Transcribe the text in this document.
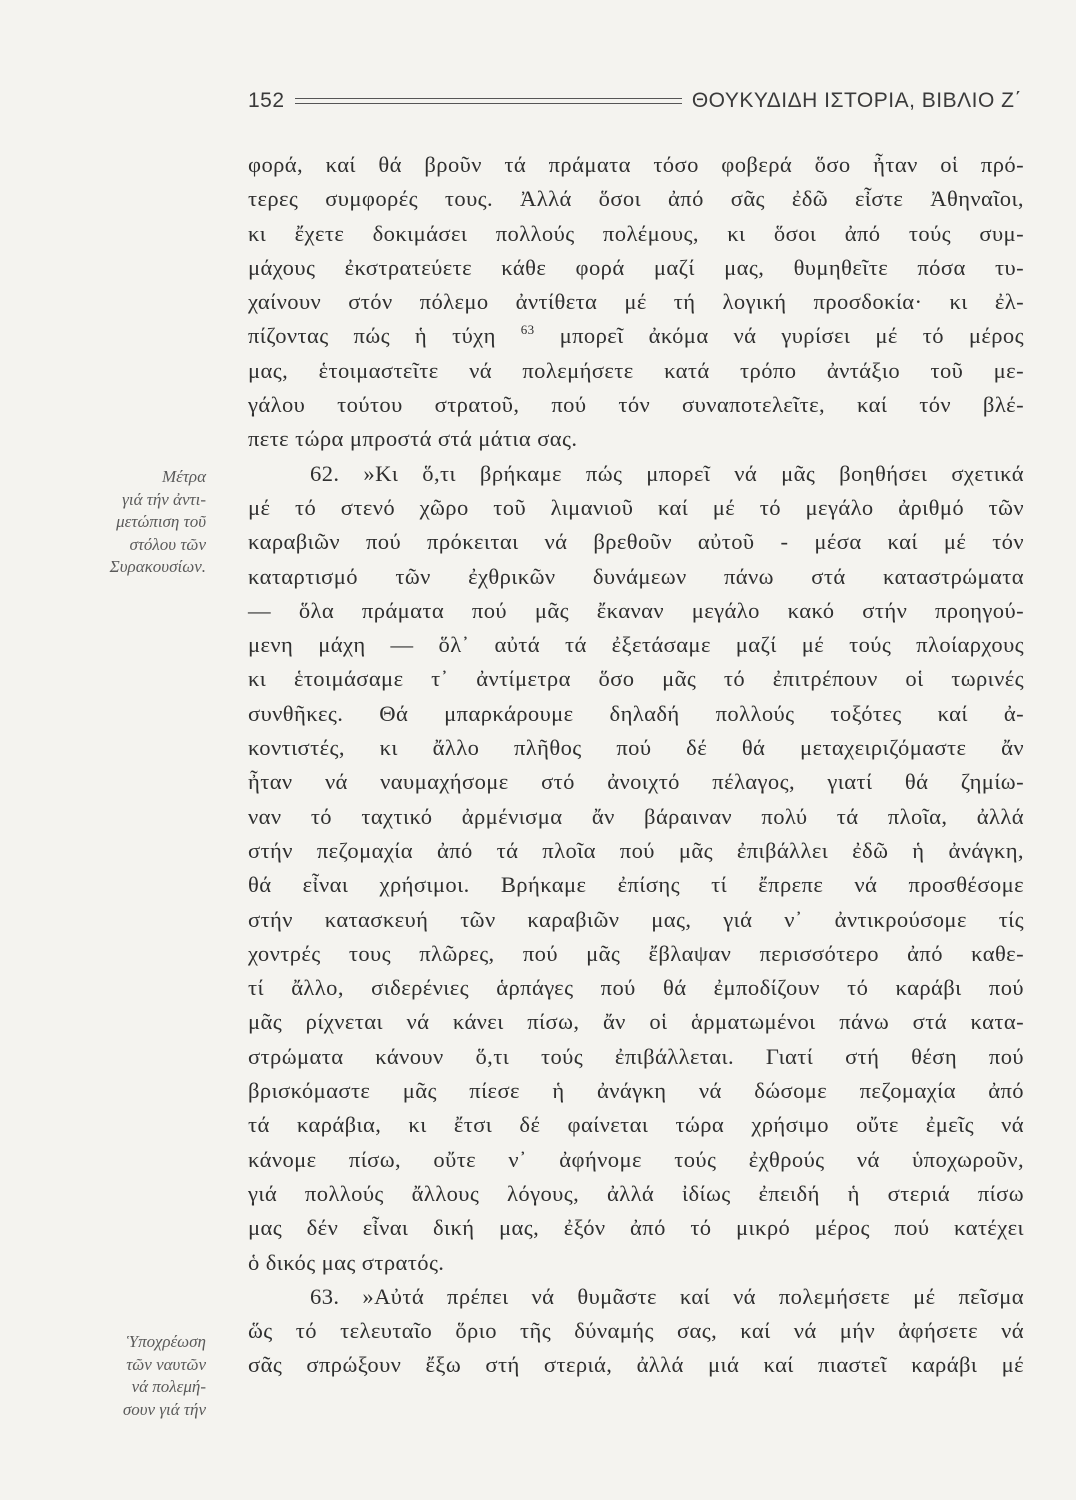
152	ΘΟΥΚΥΔΙΔΗ ΙΣΤΟΡΙΑ, ΒΙΒΛΙΟ Ζ΄
Μέτρα
γιά τήν ἀντι-
μετώπιση τοῦ
στόλου τῶν
Συρακουσίων.
Ὑποχρέωση
τῶν ναυτῶν
νά πολεμή-
σουν γιά τήν
φορά, καί θά βροῦν τά πράματα τόσο φοβερά ὅσο ἦταν οἱ πρό-
τερες συμφορές τους. Ἀλλά ὅσοι ἀπό σᾶς ἐδῶ εἶστε Ἀθηναῖοι,
κι ἔχετε δοκιμάσει πολλούς πολέμους, κι ὅσοι ἀπό τούς συμ-
μάχους ἐκστρατεύετε κάθε φορά μαζί μας, θυμηθεῖτε πόσα τυ-
χαίνουν στόν πόλεμο ἀντίθετα μέ τή λογική προσδοκία· κι ἐλ-
πίζοντας πώς ἡ τύχη $^{63}$ μπορεῖ ἀκόμα νά γυρίσει μέ τό μέρος
μας, ἑτοιμαστεῖτε νά πολεμήσετε κατά τρόπο ἀντάξιο τοῦ με-
γάλου τούτου στρατοῦ, πού τόν συναποτελεῖτε, καί τόν βλέ-
πετε τώρα μπροστά στά μάτια σας.
62. »Κι ὅ,τι βρήκαμε πώς μπορεῖ νά μᾶς βοηθήσει σχετικά
μέ τό στενό χῶρο τοῦ λιμανιοῦ καί μέ τό μεγάλο ἀριθμό τῶν
καραβιῶν πού πρόκειται νά βρεθοῦν αὐτοῦ - μέσα καί μέ τόν
καταρτισμό τῶν ἐχθρικῶν δυνάμεων πάνω στά καταστρώματα
— ὅλα πράματα πού μᾶς ἔκαναν μεγάλο κακό στήν προηγού-
μενη μάχη — ὅλ᾽ αὐτά τά ἐξετάσαμε μαζί μέ τούς πλοίαρχους
κι ἑτοιμάσαμε τ᾽ ἀντίμετρα ὅσο μᾶς τό ἐπιτρέπουν οἱ τωρινές
συνθῆκες. Θά μπαρκάρουμε δηλαδή πολλούς τοξότες καί ἀ-
κοντιστές, κι ἄλλο πλῆθος πού δέ θά μεταχειριζόμαστε ἄν
ἦταν νά ναυμαχήσομε στό ἀνοιχτό πέλαγος, γιατί θά ζημίω-
ναν τό ταχτικό ἀρμένισμα ἄν βάραιναν πολύ τά πλοῖα, ἀλλά
στήν πεζομαχία ἀπό τά πλοῖα πού μᾶς ἐπιβάλλει ἐδῶ ἡ ἀνάγκη,
θά εἶναι χρήσιμοι. Βρήκαμε ἐπίσης τί ἔπρεπε νά προσθέσομε
στήν κατασκευή τῶν καραβιῶν μας, γιά ν᾽ ἀντικρούσομε τίς
χοντρές τους πλῶρες, πού μᾶς ἔβλαψαν περισσότερο ἀπό καθε-
τί ἄλλο, σιδερένιες ἁρπάγες πού θά ἐμποδίζουν τό καράβι πού
μᾶς ρίχνεται νά κάνει πίσω, ἄν οἱ ἁρματωμένοι πάνω στά κατα-
στρώματα κάνουν ὅ,τι τούς ἐπιβάλλεται. Γιατί στή θέση πού
βρισκόμαστε μᾶς πίεσε ἡ ἀνάγκη νά δώσομε πεζομαχία ἀπό
τά καράβια, κι ἔτσι δέ φαίνεται τώρα χρήσιμο οὔτε ἐμεῖς νά
κάνομε πίσω, οὔτε ν᾽ ἀφήνομε τούς ἐχθρούς νά ὑποχωροῦν,
γιά πολλούς ἄλλους λόγους, ἀλλά ἰδίως ἐπειδή ἡ στεριά πίσω
μας δέν εἶναι δική μας, ἐξόν ἀπό τό μικρό μέρος πού κατέχει
ὁ δικός μας στρατός.
63. »Αὐτά πρέπει νά θυμᾶστε καί νά πολεμήσετε μέ πεῖσμα
ὥς τό τελευταῖο ὅριο τῆς δύναμής σας, καί νά μήν ἀφήσετε νά
σᾶς σπρώξουν ἔξω στή στεριά, ἀλλά μιά καί πιαστεῖ καράβι μέ
